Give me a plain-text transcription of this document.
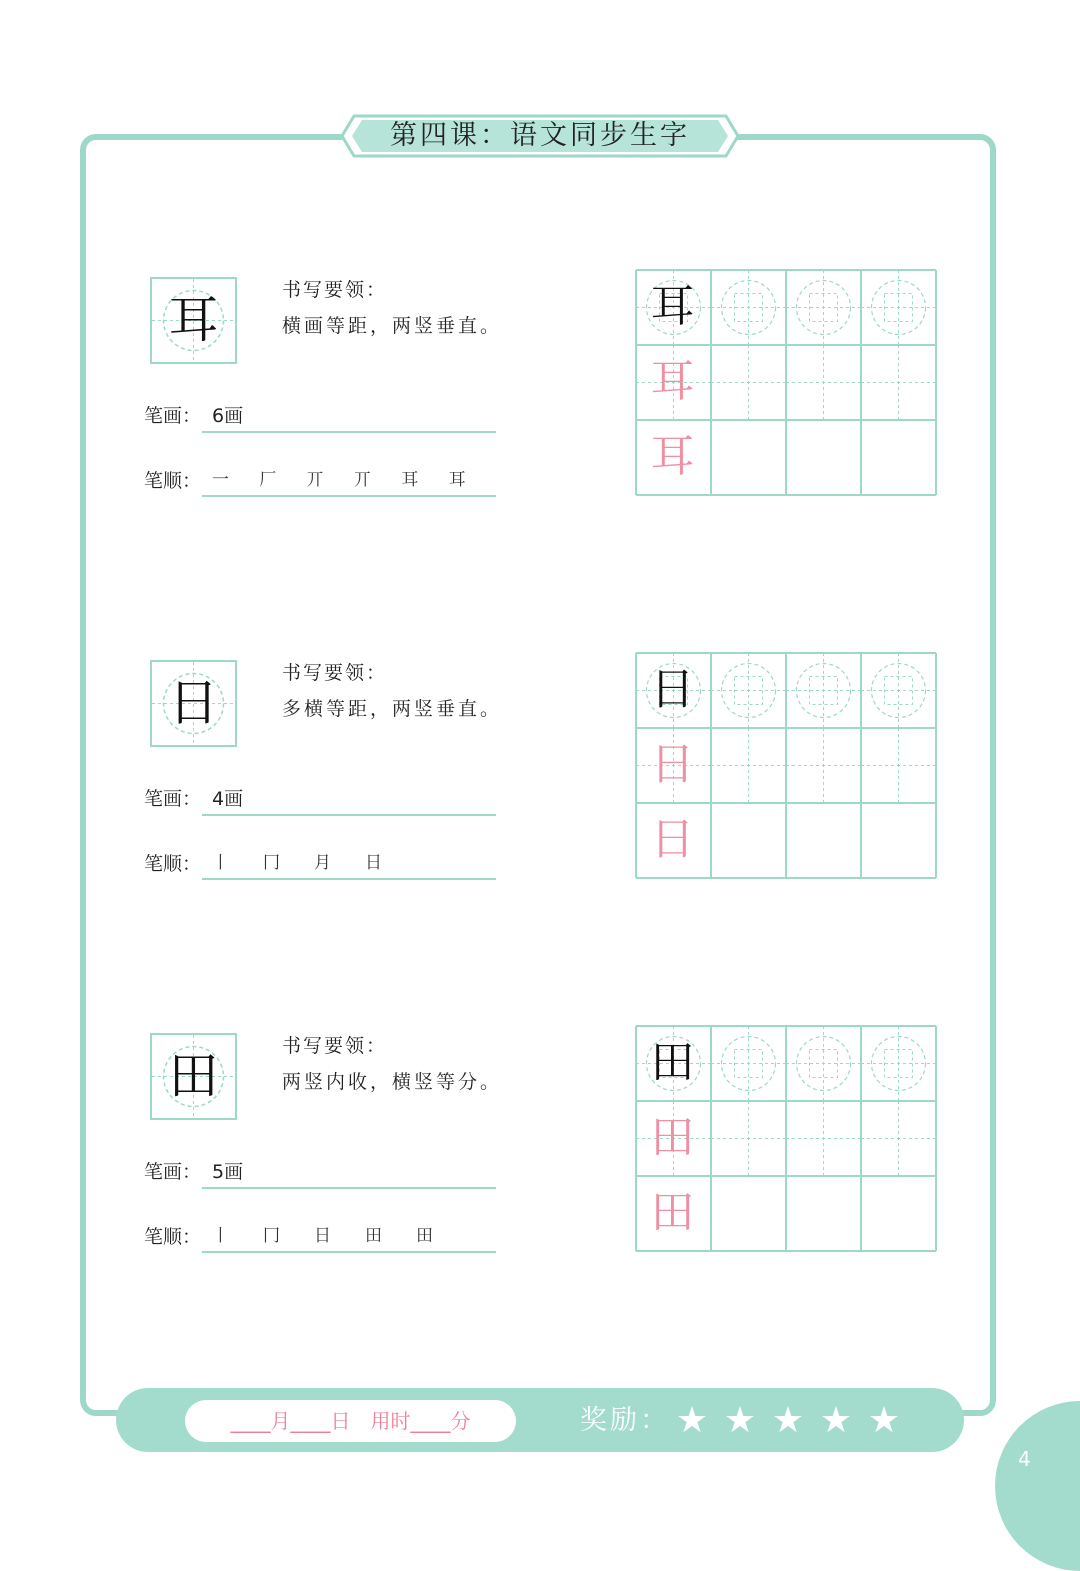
第四课：语文同步生字
耳
书写要领：
横画等距，两竖垂直。
笔画： 6画
笔顺： 一	厂	丌	丌	耳	耳
耳
耳
耳
日
书写要领：
多横等距，两竖垂直。
笔画： 4画
笔顺： 丨	冂	月	日
日
日
日
田
书写要领：
两竖内收，横竖等分。
笔画： 5画
笔顺： 丨	冂	日	田	田
田
田
田
____月____日　用时____分	奖励： ★ ★ ★ ★ ★
4
